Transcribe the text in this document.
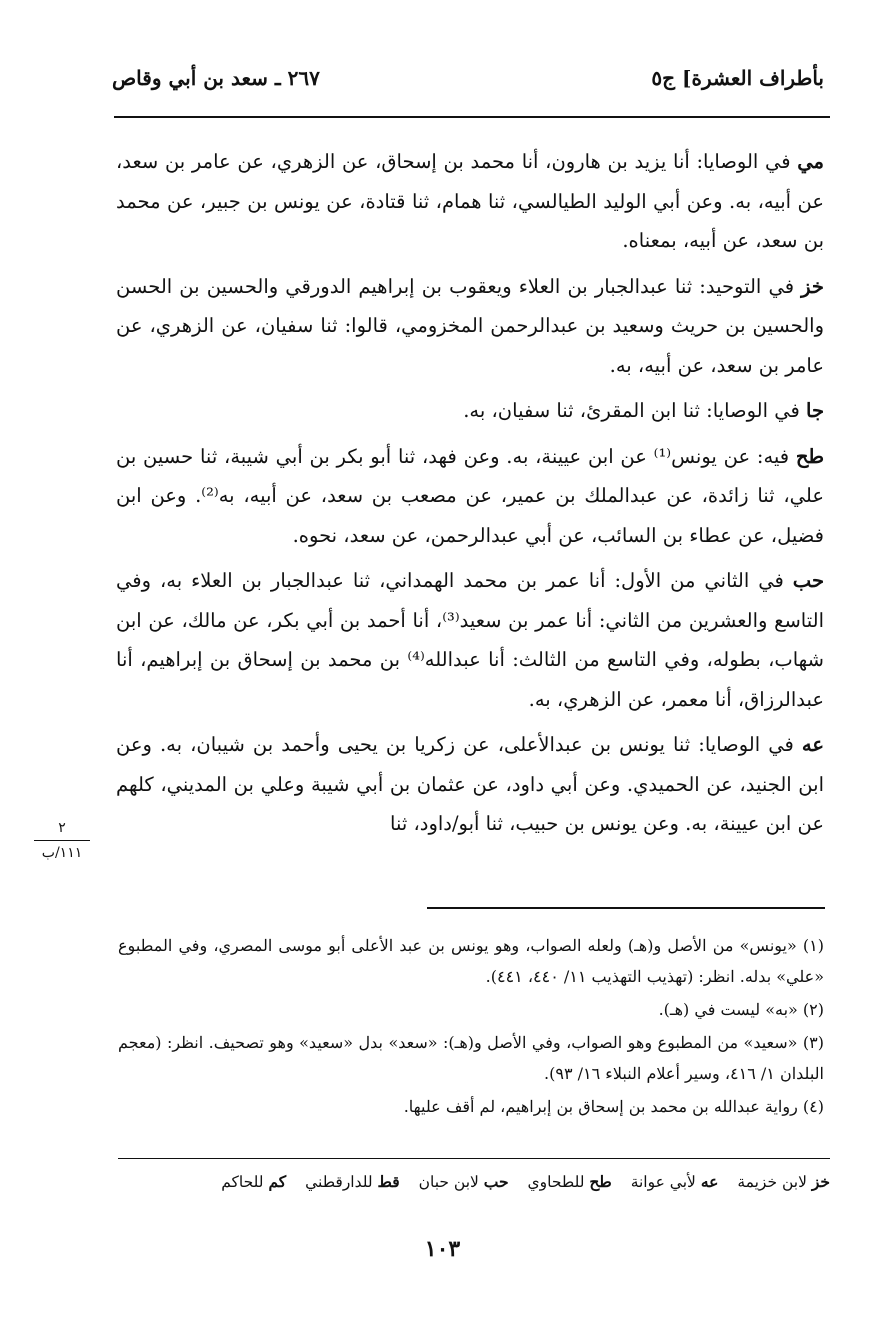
بأطراف العشرة] ج٥
٢٦٧ ـ سعد بن أبي وقاص

مي في الوصايا: أنا يزيد بن هارون، أنا محمد بن إسحاق، عن الزهري، عن عامر بن سعد، عن أبيه، به. وعن أبي الوليد الطيالسي، ثنا همام، ثنا قتادة، عن يونس بن جبير، عن محمد بن سعد، عن أبيه، بمعناه.

خز في التوحيد: ثنا عبدالجبار بن العلاء ويعقوب بن إبراهيم الدورقي والحسين بن الحسن والحسين بن حريث وسعيد بن عبدالرحمن المخزومي، قالوا: ثنا سفيان، عن الزهري، عن عامر بن سعد، عن أبيه، به.

جا في الوصايا: ثنا ابن المقرئ، ثنا سفيان، به.

طح فيه: عن يونس⁽¹⁾ عن ابن عيينة، به. وعن فهد، ثنا أبو بكر بن أبي شيبة، ثنا حسين بن علي، ثنا زائدة، عن عبدالملك بن عمير، عن مصعب بن سعد، عن أبيه، به⁽²⁾. وعن ابن فضيل، عن عطاء بن السائب، عن أبي عبدالرحمن، عن سعد، نحوه.

حب في الثاني من الأول: أنا عمر بن محمد الهمداني، ثنا عبدالجبار بن العلاء به، وفي التاسع والعشرين من الثاني: أنا عمر بن سعيد⁽³⁾، أنا أحمد بن أبي بكر، عن مالك، عن ابن شهاب، بطوله، وفي التاسع من الثالث: أنا عبدالله⁽⁴⁾ بن محمد بن إسحاق بن إبراهيم، أنا عبدالرزاق، أنا معمر، عن الزهري، به.

عه في الوصايا: ثنا يونس بن عبدالأعلى، عن زكريا بن يحيى وأحمد بن شيبان، به. وعن ابن الجنيد، عن الحميدي. وعن أبي داود، عن عثمان بن أبي شيبة وعلي بن المديني، كلهم عن ابن عيينة، به. وعن يونس بن حبيب، ثنا أبو/داود، ثنا

٢
١١١/ب

(١) «يونس» من الأصل و(هـ) ولعله الصواب، وهو يونس بن عبد الأعلى أبو موسى المصري، وفي المطبوع «علي» بدله. انظر: (تهذيب التهذيب ١١/ ٤٤٠، ٤٤١).

(٢) «به» ليست في (هـ).

(٣) «سعيد» من المطبوع وهو الصواب، وفي الأصل و(هـ): «سعد» بدل «سعيد» وهو تصحيف. انظر: (معجم البلدان ١/ ٤١٦، وسير أعلام النبلاء ١٦/ ٩٣).

(٤) رواية عبدالله بن محمد بن إسحاق بن إبراهيم، لم أقف عليها.

خز لابن خزيمة عه لأبي عوانة طح للطحاوي حب لابن حبان قط للدارقطني كم للحاكم
١٠٣
